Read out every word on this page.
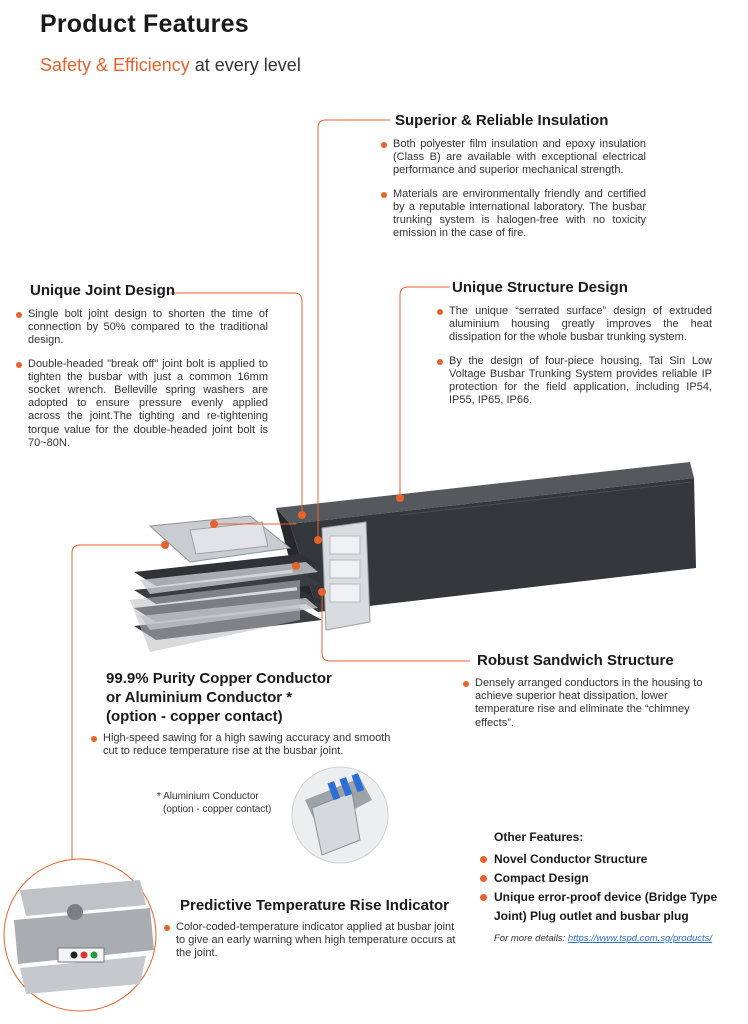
Product Features
Safety & Efficiency at every level
Superior & Reliable Insulation

Both polyester film insulation and epoxy insulation (Class B) are available with exceptional electrical performance and superior mechanical strength.

Materials are environmentally friendly and certified by a reputable international laboratory. The busbar trunking system is halogen-free with no toxicity emission in the case of fire.

Unique Joint Design

Single bolt joint design to shorten the time of connection by 50% compared to the traditional design.

Double-headed "break off" joint bolt is applied to tighten the busbar with just a common 16mm socket wrench. Belleville spring washers are adopted to ensure pressure evenly applied across the joint.The tighting and re-tightening torque value for the double-headed joint bolt is 70~80N.

Unique Structure Design

The unique “serrated surface” design of extruded aluminium housing greatly improves the heat dissipation for the whole busbar trunking system.

By the design of four-piece housing, Tai Sin Low Voltage Busbar Trunking System provides reliable IP protection for the field application, including IP54, IP55, IP65, IP66.

Robust Sandwich Structure

Densely arranged conductors in the housing to achieve superior heat dissipation, lower temperature rise and eliminate the “chimney effects”.

99.9% Purity Copper Conductor
or Aluminium Conductor *
(option - copper contact)

High-speed sawing for a high sawing accuracy and smooth cut to reduce temperature rise at the busbar joint.

* Aluminium Conductor
(option - copper contact)
Predictive Temperature Rise Indicator

Color-coded-temperature indicator applied at busbar joint to give an early warning when high temperature occurs at the joint.

Other Features:
Novel Conductor Structure
Compact Design
Unique error-proof device (Bridge Type Joint) Plug outlet and busbar plug
For more details: https://www.tspd.com.sg/products/
